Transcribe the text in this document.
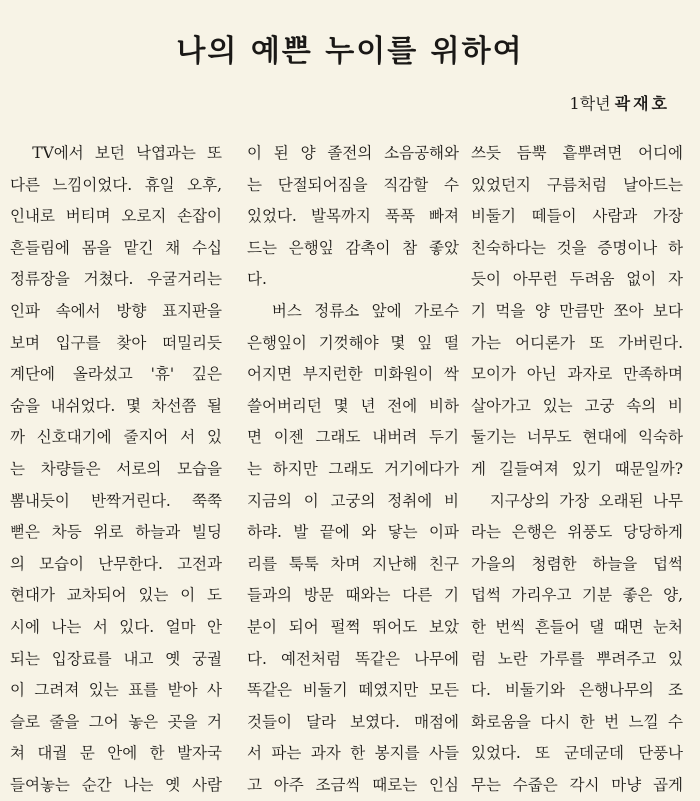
나의 예쁜 누이를 위하여
1학년 곽재호
TV에서 보던 낙엽과는 또
다른 느낌이었다. 휴일 오후,
인내로 버티며 오로지 손잡이
흔들림에 몸을 맡긴 채 수십
정류장을 거쳤다. 우굴거리는
인파 속에서 방향 표지판을
보며 입구를 찾아 떠밀리듯
계단에 올라섰고 '휴' 깊은
숨을 내쉬었다. 몇 차선쯤 될
까 신호대기에 줄지어 서 있
는 차량들은 서로의 모습을
뽐내듯이 반짝거린다. 쭉쭉
뻗은 차등 위로 하늘과 빌딩
의 모습이 난무한다. 고전과
현대가 교차되어 있는 이 도
시에 나는 서 있다. 얼마 안
되는 입장료를 내고 옛 궁궐
이 그려져 있는 표를 받아 사
슬로 줄을 그어 놓은 곳을 거
쳐 대궐 문 안에 한 발자국
들여놓는 순간 나는 옛 사람
이 된 양 졸전의 소음공해와
는 단절되어짐을 직감할 수
있었다. 발목까지 푹푹 빠져
드는 은행잎 감촉이 참 좋았
다.
버스 정류소 앞에 가로수
은행잎이 기껏해야 몇 잎 떨
어지면 부지런한 미화원이 싹
쓸어버리던 몇 년 전에 비하
면 이젠 그래도 내버려 두기
는 하지만 그래도 거기에다가
지금의 이 고궁의 정취에 비
하랴. 발 끝에 와 닿는 이파
리를 툭툭 차며 지난해 친구
들과의 방문 때와는 다른 기
분이 되어 펄쩍 뛰어도 보았
다. 예전처럼 똑같은 나무에
똑같은 비둘기 떼였지만 모든
것들이 달라 보였다. 매점에
서 파는 과자 한 봉지를 사들
고 아주 조금씩 때로는 인심
쓰듯 듬뿍 흩뿌려면 어디에
있었던지 구름처럼 날아드는
비둘기 떼들이 사람과 가장
친숙하다는 것을 증명이나 하
듯이 아무런 두려움 없이 자
기 먹을 양 만큼만 쪼아 보다
가는 어디론가 또 가버린다.
모이가 아닌 과자로 만족하며
살아가고 있는 고궁 속의 비
둘기는 너무도 현대에 익숙하
게 길들여져 있기 때문일까?
지구상의 가장 오래된 나무
라는 은행은 위풍도 당당하게
가을의 청렴한 하늘을 덥썩
덥썩 가리우고 기분 좋은 양,
한 번씩 흔들어 댈 때면 눈처
럼 노란 가루를 뿌려주고 있
다. 비둘기와 은행나무의 조
화로움을 다시 한 번 느낄 수
있었다. 또 군데군데 단풍나
무는 수줍은 각시 마냥 곱게
